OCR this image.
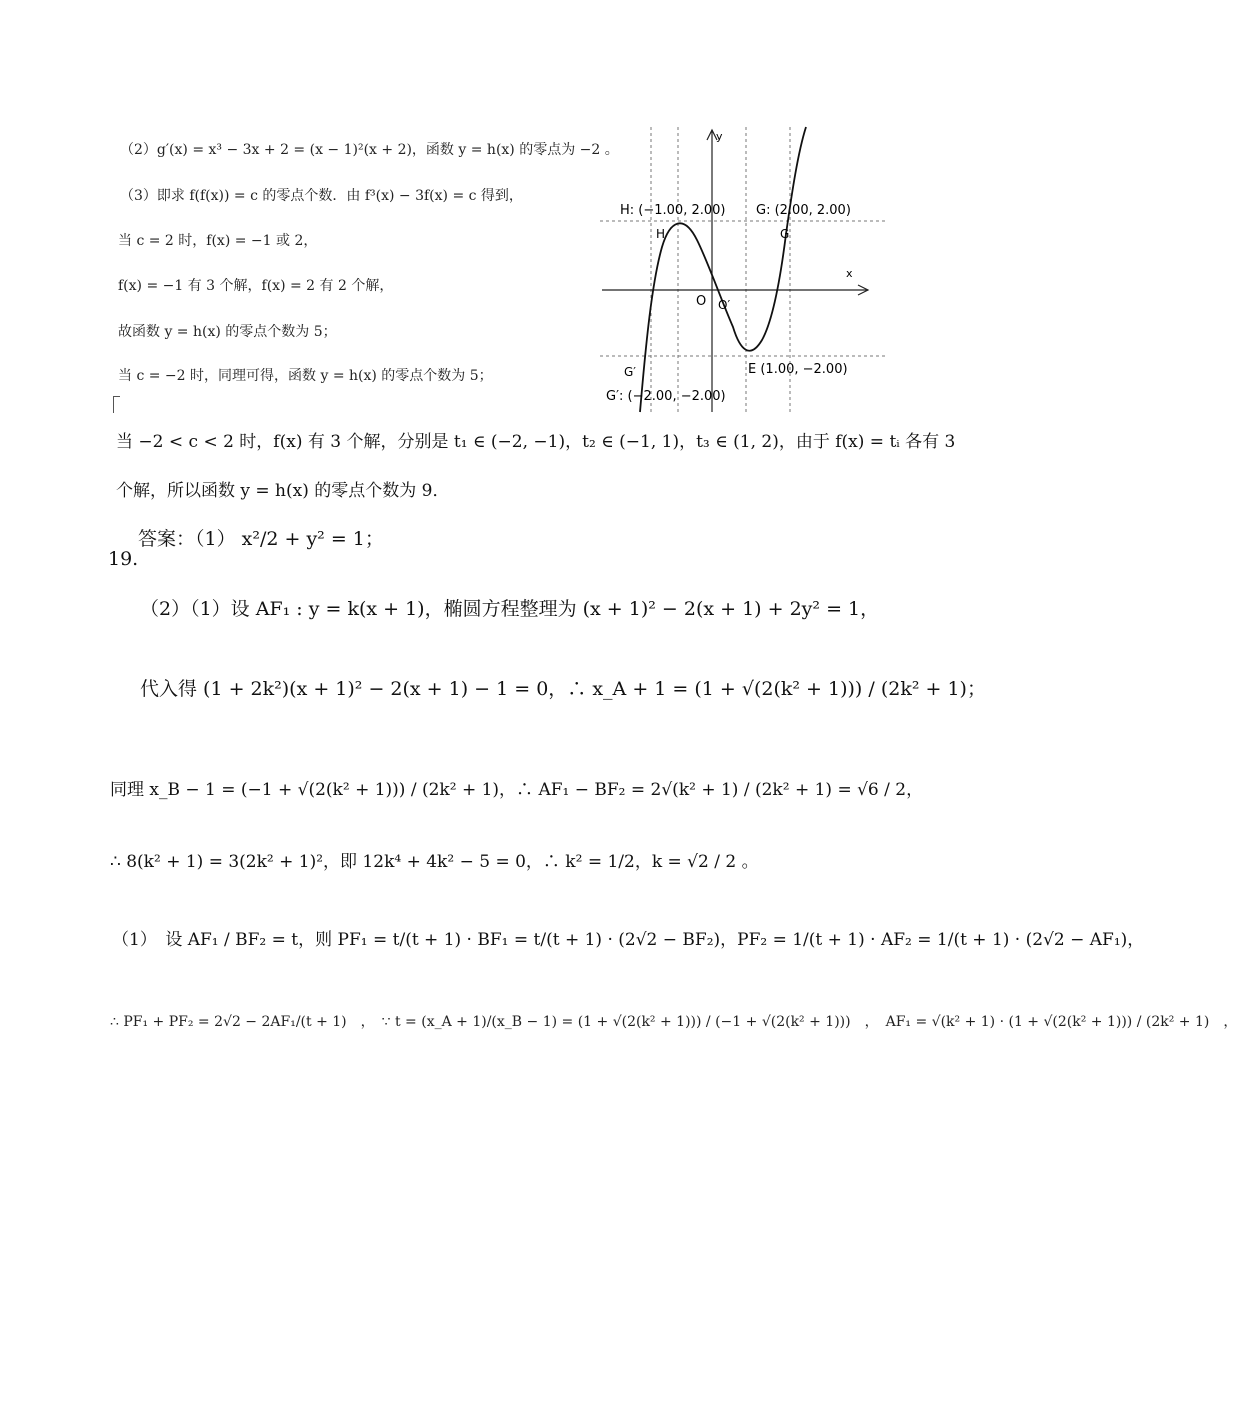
（2）g′(x) = x³ − 3x + 2 = (x − 1)²(x + 2)，函数 y = h(x) 的零点为 −2 。
（3）即求 f(f(x)) = c 的零点个数．由 f³(x) − 3f(x) = c 得到，
当 c = 2 时，f(x) = −1 或 2，
f(x) = −1 有 3 个解，f(x) = 2 有 2 个解，
故函数 y = h(x) 的零点个数为 5；
当 c = −2 时，同理可得，函数 y = h(x) 的零点个数为 5；
y
x
H: (−1.00, 2.00) G: (2.00, 2.00)
H	G
O O′
E (1.00, −2.00)
G′
G′: (−2.00, −2.00)
当 −2 < c < 2 时，f(x) 有 3 个解，分别是 t₁ ∈ (−2, −1)，t₂ ∈ (−1, 1)，t₃ ∈ (1, 2)，由于 f(x) = tᵢ 各有 3
个解，所以函数 y = h(x) 的零点个数为 9．
19.
答案：（1） x²/2 + y² = 1；
（2）（1）设 AF₁ : y = k(x + 1)，椭圆方程整理为 (x + 1)² − 2(x + 1) + 2y² = 1，
代入得 (1 + 2k²)(x + 1)² − 2(x + 1) − 1 = 0，∴ x_A + 1 = (1 + √(2(k² + 1))) / (2k² + 1)；
同理 x_B − 1 = (−1 + √(2(k² + 1))) / (2k² + 1)，∴ AF₁ − BF₂ = 2√(k² + 1) / (2k² + 1) = √6 / 2，
∴ 8(k² + 1) = 3(2k² + 1)²，即 12k⁴ + 4k² − 5 = 0，∴ k² = 1/2，k = √2 / 2 。
（1）　设 AF₁ / BF₂ = t，则 PF₁ = t/(t + 1) · BF₁ = t/(t + 1) · (2√2 − BF₂)，PF₂ = 1/(t + 1) · AF₂ = 1/(t + 1) · (2√2 − AF₁)，
∴ PF₁ + PF₂ = 2√2 − 2AF₁/(t + 1)　，　∵ t = (x_A + 1)/(x_B − 1) = (1 + √(2(k² + 1))) / (−1 + √(2(k² + 1)))　，　AF₁ = √(k² + 1) · (1 + √(2(k² + 1))) / (2k² + 1)　，
